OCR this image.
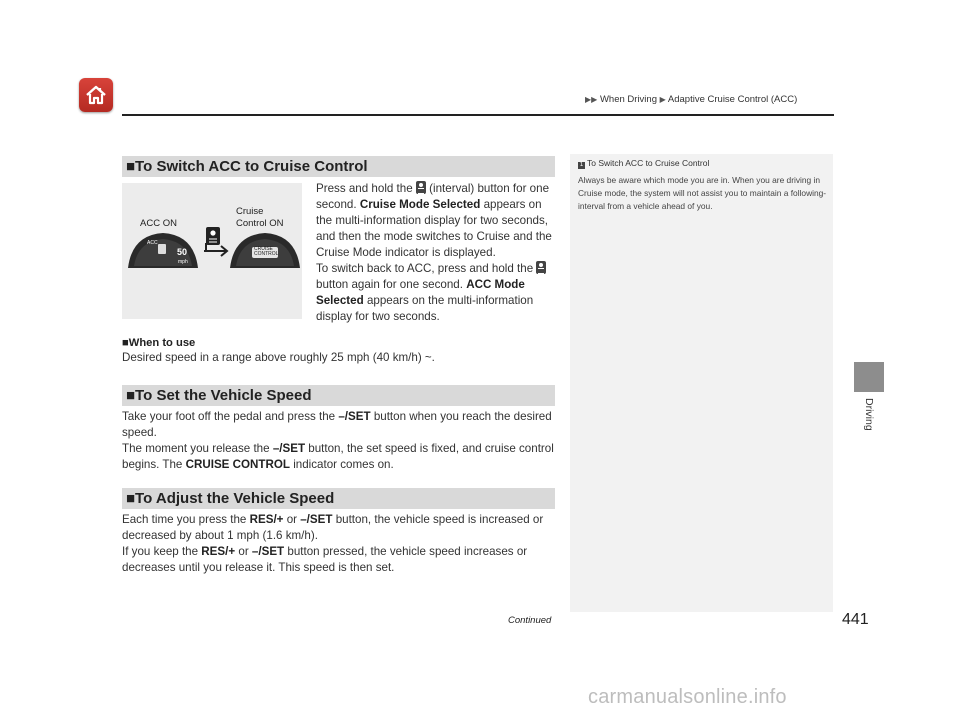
▶▶ When Driving ▶ Adaptive Cruise Control (ACC)
Driving
■To Switch ACC to Cruise Control
ACC ON
Cruise
Control ON
ACC
50
mph
CRUISE
CONTROL
Press and hold the (interval) button for one
second. Cruise Mode Selected appears on
the multi-information display for two seconds,
and then the mode switches to Cruise and the
Cruise Mode indicator is displayed.
To switch back to ACC, press and hold the
button again for one second. ACC Mode
Selected appears on the multi-information
display for two seconds.
■When to use
Desired speed in a range above roughly 25 mph (40 km/h) ~.
■To Set the Vehicle Speed
Take your foot off the pedal and press the –/SET button when you reach the desired
speed.
The moment you release the –/SET button, the set speed is fixed, and cruise control
begins. The CRUISE CONTROL indicator comes on.
■To Adjust the Vehicle Speed
Each time you press the RES/+ or –/SET button, the vehicle speed is increased or
decreased by about 1 mph (1.6 km/h).
If you keep the RES/+ or –/SET button pressed, the vehicle speed increases or
decreases until you release it. This speed is then set.
1 To Switch ACC to Cruise Control
Always be aware which mode you are in. When you are driving in Cruise mode, the system will not assist you to maintain a following-interval from a vehicle ahead of you.
Continued	441
carmanualsonline.info
